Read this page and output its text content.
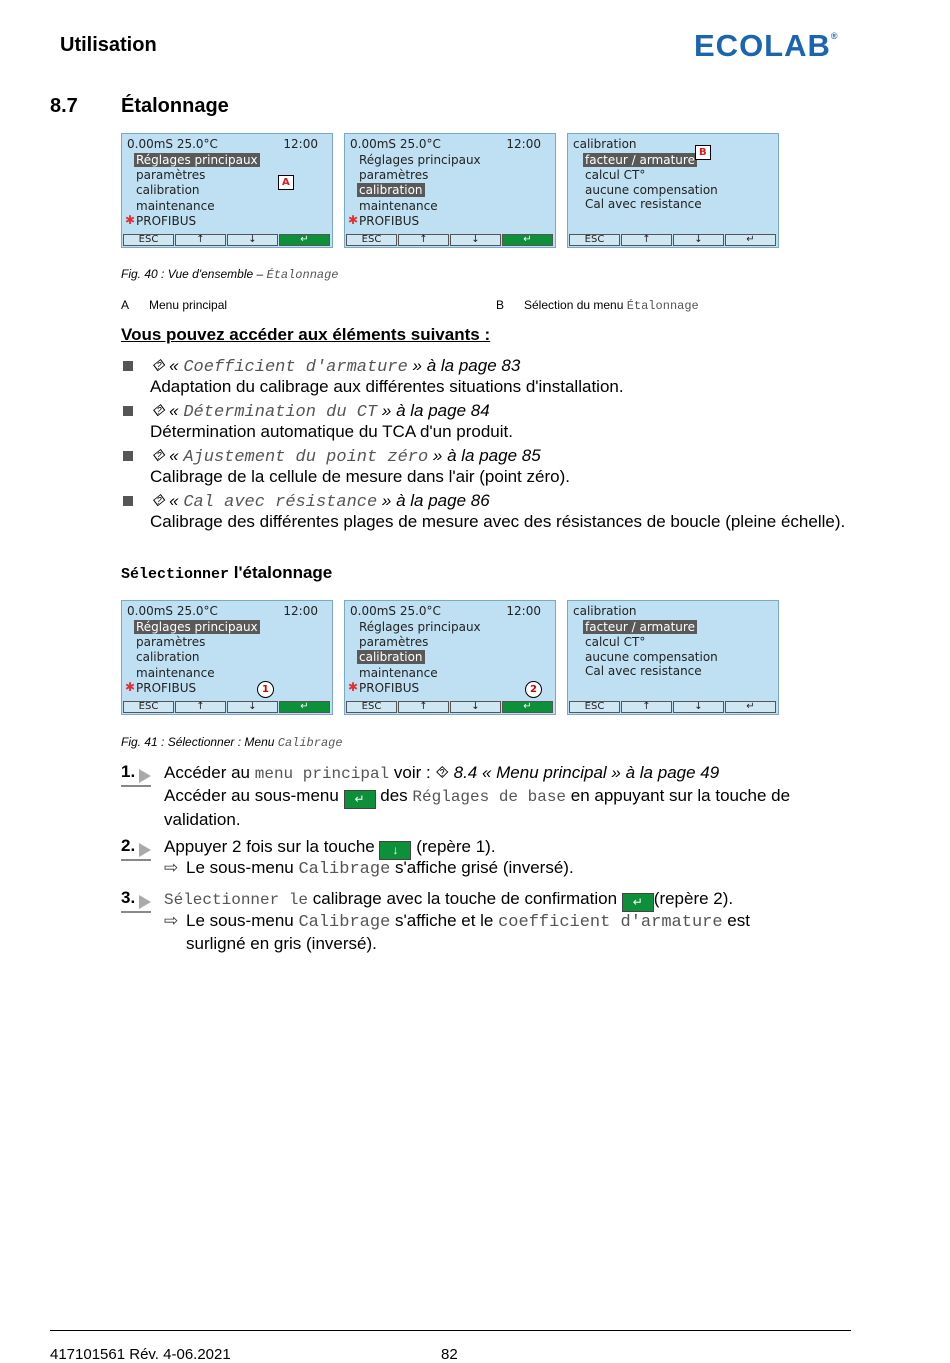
Utilisation	ECOLAB®
8.7 Étalonnage
0.00mS 25.0°C	12:00
Réglages principaux
paramètres
calibration
maintenance
✱ PROFIBUS
A
ESC	↑	↓	↵
0.00mS 25.0°C	12:00
Réglages principaux
paramètres
calibration
maintenance
✱ PROFIBUS
ESC	↑	↓	↵
calibration
facteur / armature
calcul CT°
aucune compensation
Cal avec resistance
B
ESC	↑	↓	↵
Fig. 40 : Vue d'ensemble – Étalonnage
A Menu principal	B Sélection du menu Étalonnage
Vous pouvez accéder aux éléments suivants :
⯑ « Coefficient d'armature » à la page 83
Adaptation du calibrage aux différentes situations d'installation.
⯑ « Détermination du CT » à la page 84
Détermination automatique du TCA d'un produit.
⯑ « Ajustement du point zéro » à la page 85
Calibrage de la cellule de mesure dans l'air (point zéro).
⯑ « Cal avec résistance » à la page 86
Calibrage des différentes plages de mesure avec des résistances de boucle (pleine échelle).
Sélectionner l'étalonnage
0.00mS 25.0°C	12:00
Réglages principaux
paramètres
calibration
maintenance
✱ PROFIBUS	1
ESC	↑	↓	↵
0.00mS 25.0°C	12:00
Réglages principaux
paramètres
calibration
maintenance
✱ PROFIBUS	2
ESC	↑	↓	↵
calibration
facteur / armature
calcul CT°
aucune compensation
Cal avec resistance
ESC	↑	↓	↵
Fig. 41 : Sélectionner : Menu Calibrage
1. Accéder au menu principal voir : ⯑ 8.4 « Menu principal » à la page 49
Accéder au sous-menu ↵ des Réglages de base en appuyant sur la touche de validation.
2. Appuyer 2 fois sur la touche ↓ (repère 1).
⇨ Le sous-menu Calibrage s'affiche grisé (inversé).
3. Sélectionner le calibrage avec la touche de confirmation ↵ (repère 2).
⇨ Le sous-menu Calibrage s'affiche et le coefficient d'armature est
surligné en gris (inversé).
417101561 Rév. 4-06.2021	82
